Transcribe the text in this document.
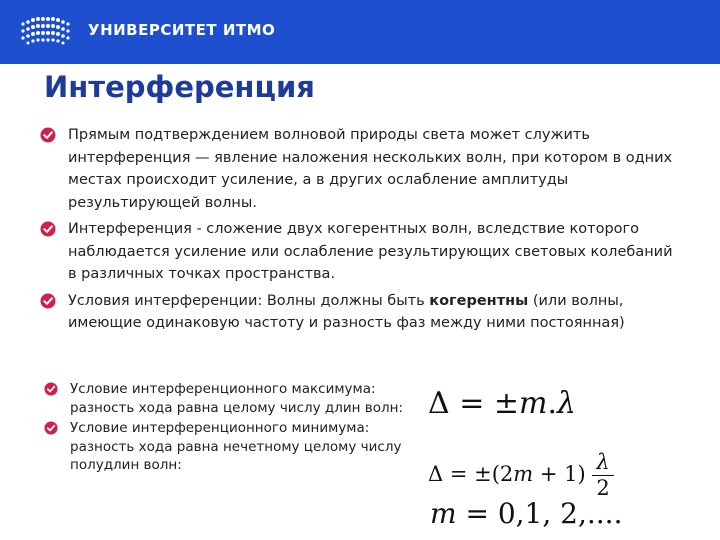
УНИВЕРСИТЕТ ИТМО
Интерференция
Прямым подтверждением волновой природы света может служить интерференция — явление наложения нескольких волн, при котором в одних местах происходит усиление, а в других ослабление амплитуды результирующей волны.
Интерференция - сложение двух когерентных волн, вследствие которого наблюдается усиление или ослабление результирующих световых колебаний в различных точках пространства.
Условия интерференции: Волны должны быть когерентны (или волны, имеющие одинаковую частоту и разность фаз между ними постоянная)
Условие интерференционного максимума: разность хода равна целому числу длин волн:
Условие интерференционного минимума: разность хода равна нечетному целому числу полудлин волн:
Δ = ±m.λ
$\Delta = \pm(2m + 1) \frac{\lambda}{2}$
m = 0,1, 2,....
